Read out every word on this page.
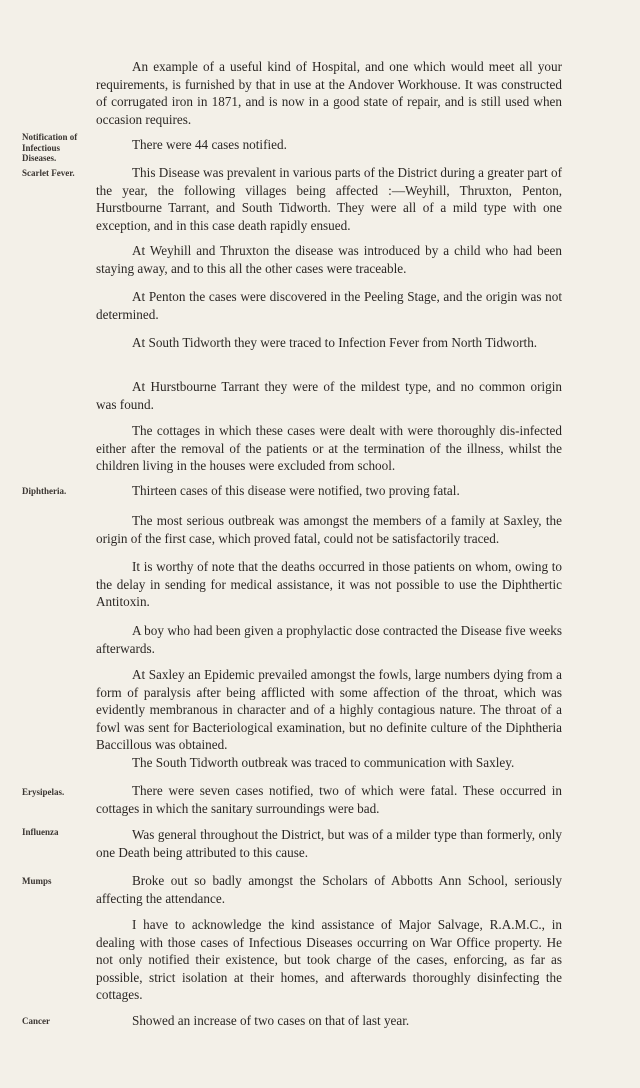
Notification of Infectious Diseases.

Scarlet Fever.

Diphtheria.

Erysipelas.

Influenza

Mumps

Cancer

An example of a useful kind of Hospital, and one which would meet all your requirements, is furnished by that in use at the Andover Workhouse. It was constructed of corrugated iron in 1871, and is now in a good state of repair, and is still used when occasion requires.

There were 44 cases notified.

This Disease was prevalent in various parts of the District during a greater part of the year, the following villages being affected :—Weyhill, Thruxton, Penton, Hurstbourne Tarrant, and South Tidworth. They were all of a mild type with one exception, and in this case death rapidly ensued.

At Weyhill and Thruxton the disease was introduced by a child who had been staying away, and to this all the other cases were traceable.

At Penton the cases were discovered in the Peeling Stage, and the origin was not determined.

At South Tidworth they were traced to Infection Fever from North Tidworth.

At Hurstbourne Tarrant they were of the mildest type, and no common origin was found.

The cottages in which these cases were dealt with were thoroughly dis-infected either after the removal of the patients or at the termination of the illness, whilst the children living in the houses were excluded from school.

Thirteen cases of this disease were notified, two proving fatal.

The most serious outbreak was amongst the members of a family at Saxley, the origin of the first case, which proved fatal, could not be satisfactorily traced.

It is worthy of note that the deaths occurred in those patients on whom, owing to the delay in sending for medical assistance, it was not possible to use the Diphthertic Antitoxin.

A boy who had been given a prophylactic dose contracted the Disease five weeks afterwards.

At Saxley an Epidemic prevailed amongst the fowls, large numbers dying from a form of paralysis after being afflicted with some affection of the throat, which was evidently membranous in character and of a highly contagious nature. The throat of a fowl was sent for Bacteriological examination, but no definite culture of the Diphtheria Baccillous was obtained.

The South Tidworth outbreak was traced to communication with Saxley.

There were seven cases notified, two of which were fatal. These occurred in cottages in which the sanitary surroundings were bad.

Was general throughout the District, but was of a milder type than formerly, only one Death being attributed to this cause.

Broke out so badly amongst the Scholars of Abbotts Ann School, seriously affecting the attendance.

I have to acknowledge the kind assistance of Major Salvage, R.A.M.C., in dealing with those cases of Infectious Diseases occurring on War Office property. He not only notified their existence, but took charge of the cases, enforcing, as far as possible, strict isolation at their homes, and afterwards thoroughly disinfecting the cottages.

Showed an increase of two cases on that of last year.
